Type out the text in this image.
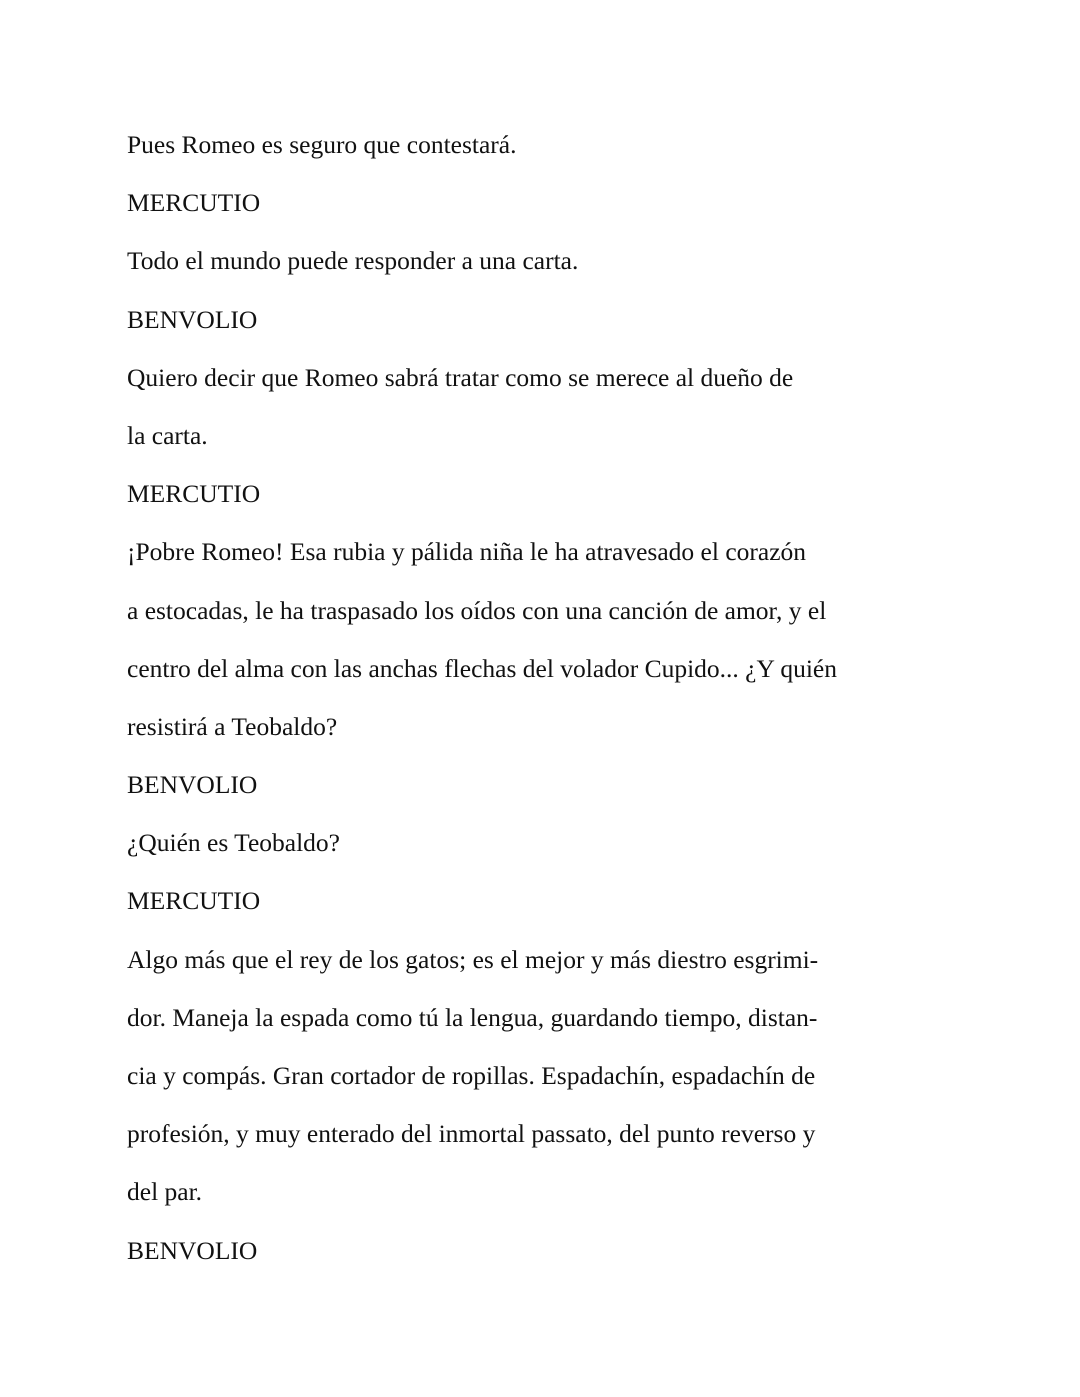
Pues Romeo es seguro que contestará.

MERCUTIO

Todo el mundo puede responder a una carta.

BENVOLIO

Quiero decir que Romeo sabrá tratar como se merece al dueño de

la carta.

MERCUTIO

¡Pobre Romeo! Esa rubia y pálida niña le ha atravesado el corazón

a estocadas, le ha traspasado los oídos con una canción de amor, y el

centro del alma con las anchas flechas del volador Cupido... ¿Y quién

resistirá a Teobaldo?

BENVOLIO

¿Quién es Teobaldo?

MERCUTIO

Algo más que el rey de los gatos; es el mejor y más diestro esgrimi-

dor. Maneja la espada como tú la lengua, guardando tiempo, distan-

cia y compás. Gran cortador de ropillas. Espadachín, espadachín de

profesión, y muy enterado del inmortal passato, del punto reverso y

del par.

BENVOLIO
